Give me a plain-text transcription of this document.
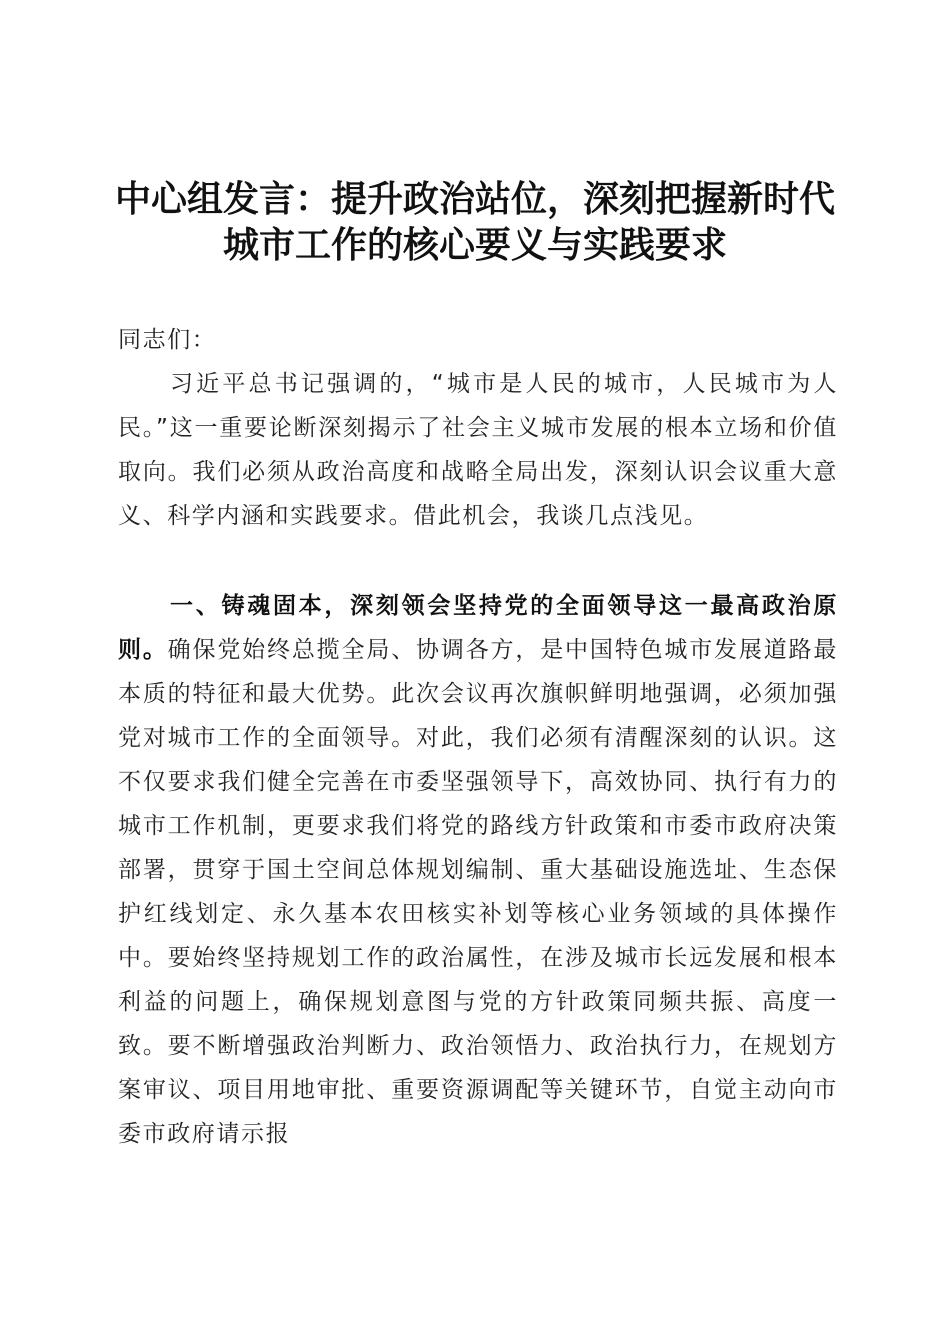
中心组发言：提升政治站位，深刻把握新时代
城市工作的核心要义与实践要求

同志们：

习近平总书记强调的，“城市是人民的城市，人民城市为人民。”这一重要论断深刻揭示了社会主义城市发展的根本立场和价值取向。我们必须从政治高度和战略全局出发，深刻认识会议重大意义、科学内涵和实践要求。借此机会，我谈几点浅见。

一、铸魂固本，深刻领会坚持党的全面领导这一最高政治原则。确保党始终总揽全局、协调各方，是中国特色城市发展道路最本质的特征和最大优势。此次会议再次旗帜鲜明地强调，必须加强党对城市工作的全面领导。对此，我们必须有清醒深刻的认识。这不仅要求我们健全完善在市委坚强领导下，高效协同、执行有力的城市工作机制，更要求我们将党的路线方针政策和市委市政府决策部署，贯穿于国土空间总体规划编制、重大基础设施选址、生态保护红线划定、永久基本农田核实补划等核心业务领域的具体操作中。要始终坚持规划工作的政治属性，在涉及城市长远发展和根本利益的问题上，确保规划意图与党的方针政策同频共振、高度一致。要不断增强政治判断力、政治领悟力、政治执行力，在规划方案审议、项目用地审批、重要资源调配等关键环节，自觉主动向市委市政府请示报
